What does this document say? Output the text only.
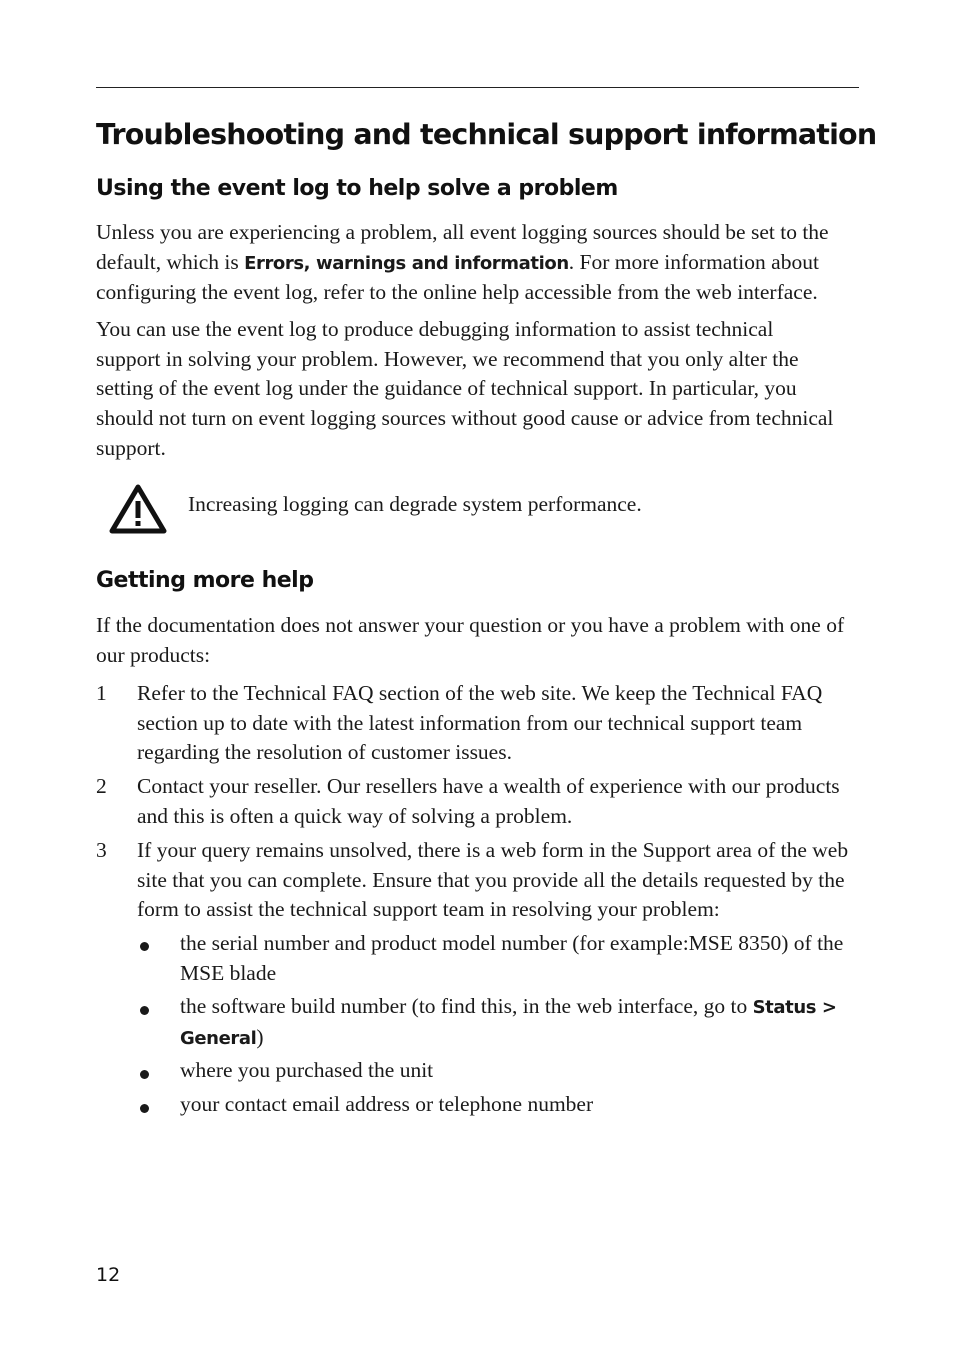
Troubleshooting and technical support information
Using the event log to help solve a problem

Unless you are experiencing a problem, all event logging sources should be set to the default, which is Errors, warnings and information. For more information about configuring the event log, refer to the online help accessible from the web interface.

You can use the event log to produce debugging information to assist technical support in solving your problem. However, we recommend that you only alter the setting of the event log under the guidance of technical support. In particular, you should not turn on event logging sources without good cause or advice from technical support.

Increasing logging can degrade system performance.
Getting more help

If the documentation does not answer your question or you have a problem with one of our products:

1 Refer to the Technical FAQ section of the web site. We keep the Technical FAQ section up to date with the latest information from our technical support team regarding the resolution of customer issues.
2 Contact your reseller. Our resellers have a wealth of experience with our products and this is often a quick way of solving a problem.
3 If your query remains unsolved, there is a web form in the Support area of the web site that you can complete. Ensure that you provide all the details requested by the form to assist the technical support team in resolving your problem:
the serial number and product model number (for example:MSE 8350) of the MSE blade
the software build number (to find this, in the web interface, go to Status > General)
where you purchased the unit
your contact email address or telephone number
12
